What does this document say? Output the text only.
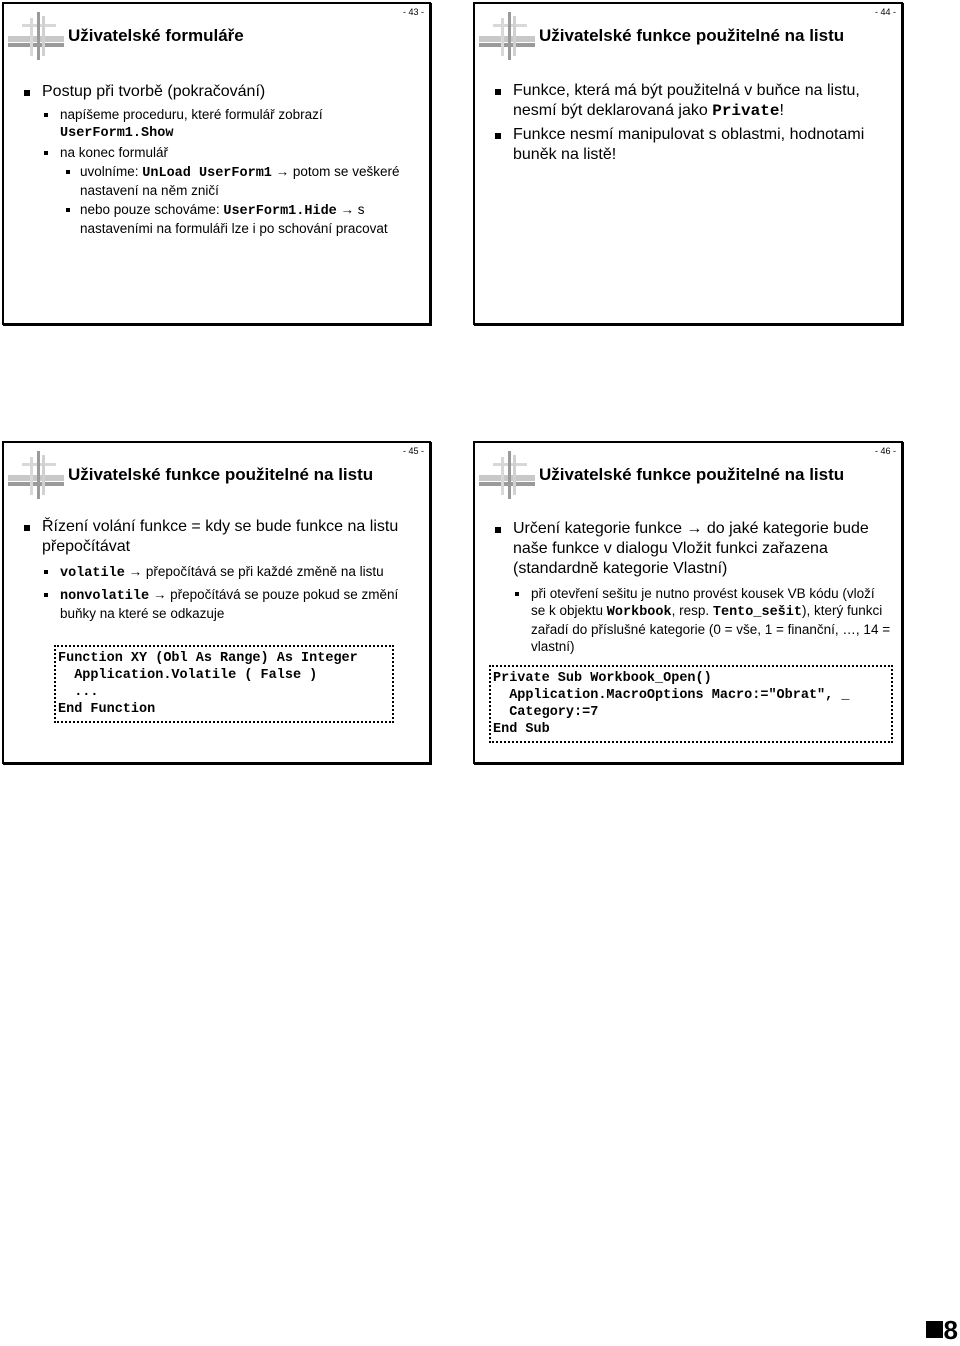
- 43 -
Uživatelské formuláře
Postup při tvorbě (pokračování)
napíšeme proceduru, které formulář zobrazí
UserForm1.Show
na konec formulář
uvolníme: UnLoad UserForm1 → potom se veškeré nastavení na něm zničí
nebo pouze schováme: UserForm1.Hide → s nastaveními na formuláři lze i po schování pracovat
- 44 -
Uživatelské funkce použitelné na listu
Funkce, která má být použitelná v buňce na listu, nesmí být deklarovaná jako Private!
Funkce nesmí manipulovat s oblastmi, hodnotami buněk na listě!
- 45 -
Uživatelské funkce použitelné na listu
Řízení volání funkce = kdy se bude funkce na listu přepočítávat
volatile → přepočítává se při každé změně na listu
nonvolatile → přepočítává se pouze pokud se změní buňky na které se odkazuje
Function XY (Obl As Range) As Integer
Application.Volatile ( False )
...
End Function
- 46 -
Uživatelské funkce použitelné na listu
Určení kategorie funkce → do jaké kategorie bude naše funkce v dialogu Vložit funkci zařazena (standardně kategorie Vlastní)
při otevření sešitu je nutno provést kousek VB kódu (vloží se k objektu Workbook, resp. Tento_sešit), který funkci zařadí do příslušné kategorie (0 = vše, 1 = finanční, …, 14 = vlastní)
Private Sub Workbook_Open()
Application.MacroOptions Macro:="Obrat", _
Category:=7
End Sub
8
